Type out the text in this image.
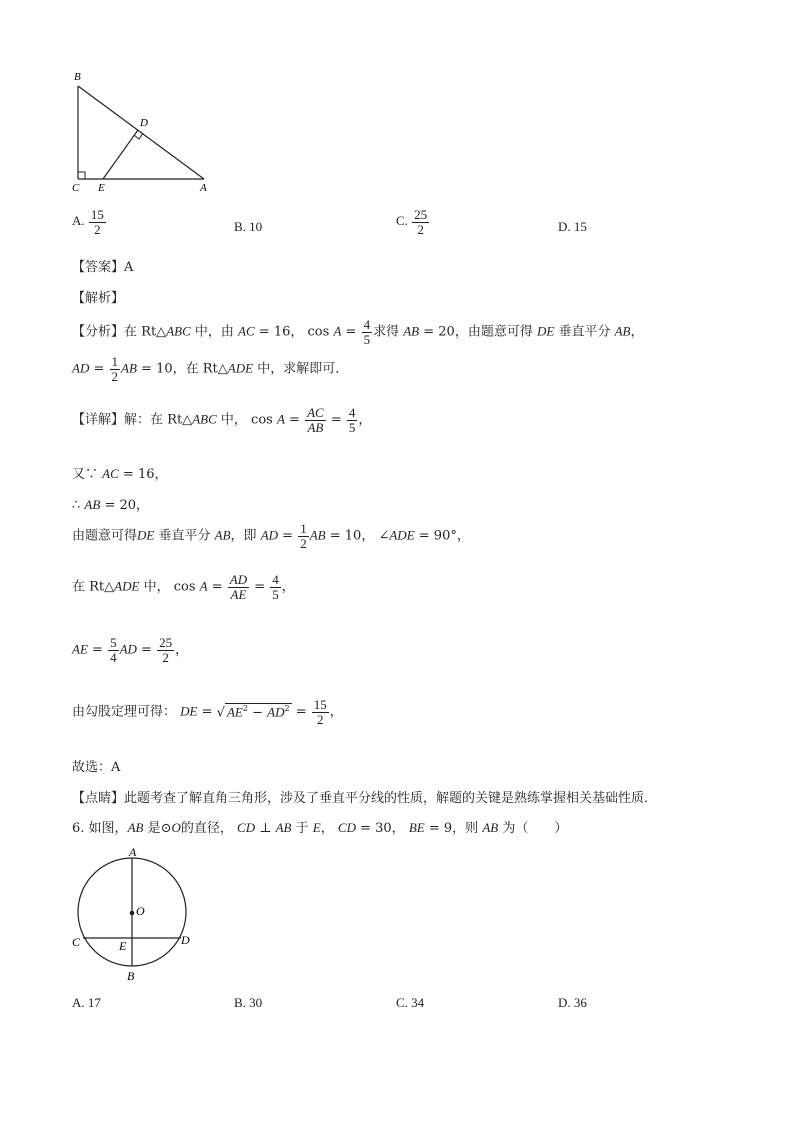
B
C E
D
A
A. $\frac{15}{2}$	B. 10	C. $\frac{25}{2}$	D. 15
【答案】A
【解析】
【分析】在 Rt△ABC 中，由 AC = 16， $\cos A = \frac{4}{5}$ 求得 AB = 20，由题意可得 DE 垂直平分 AB，
AD = $\frac{1}{2}$ AB = 10，在 Rt△ADE 中，求解即可．
【详解】解：在 Rt△ABC 中， $\cos A = \frac{AC}{AB} = \frac{4}{5}$ ，
又∵ AC = 16，
∴ AB = 20，
由题意可得DE 垂直平分 AB，即 AD = $\frac{1}{2}$ AB = 10， ∠ADE = 90°，
在 Rt△ADE 中， $\cos A = \frac{AD}{AE} = \frac{4}{5}$ ，
AE = $\frac{5}{4}$ AD = $\frac{25}{2}$ ，
由勾股定理可得： DE = √ $AE^2 - AD^2 = \frac{15}{2}$ ，
故选：A
【点睛】此题考查了解直角三角形，涉及了垂直平分线的性质，解题的关键是熟练掌握相关基础性质．
6. 如图，AB 是⊙O的直径， CD ⊥ AB 于 E， CD = 30， BE = 9，则 AB 为（　　）
A
O
C	E	D
B
A. 17	B. 30	C. 34	D. 36
